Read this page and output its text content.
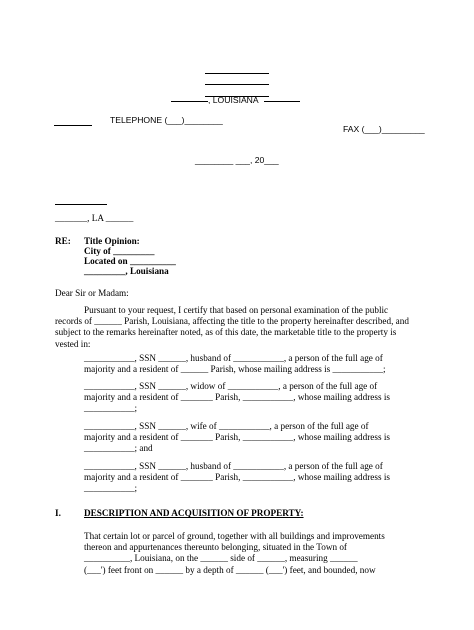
, LOUISIANA
TELEPHONE (___)________
FAX (___)_________
________ ___, 20___
_______, LA ______
RE: Title Opinion:
City of _________
Located on __________
_________, Louisiana
Dear Sir or Madam:
Pursuant to your request, I certify that based on personal examination of the public
records of ______ Parish, Louisiana, affecting the title to the property hereinafter described, and
subject to the remarks hereinafter noted, as of this date, the marketable title to the property is
vested in:
___________, SSN ______, husband of ___________, a person of the full age of
majority and a resident of ______ Parish, whose mailing address is ___________;
___________, SSN ______, widow of ___________, a person of the full age of
majority and a resident of _______ Parish, ___________, whose mailing address is
___________;
___________, SSN ______, wife of ___________, a person of the full age of
majority and a resident of _______ Parish, ___________, whose mailing address is
___________; and
___________, SSN ______, husband of ___________, a person of the full age of
majority and a resident of _______ Parish, ___________, whose mailing address is
___________;
I.	DESCRIPTION AND ACQUISITION OF PROPERTY:
That certain lot or parcel of ground, together with all buildings and improvements
thereon and appurtenances thereunto belonging, situated in the Town of
__________, Louisiana, on the ______ side of ______, measuring ______
(___') feet front on ______ by a depth of ______ (___') feet, and bounded, now
